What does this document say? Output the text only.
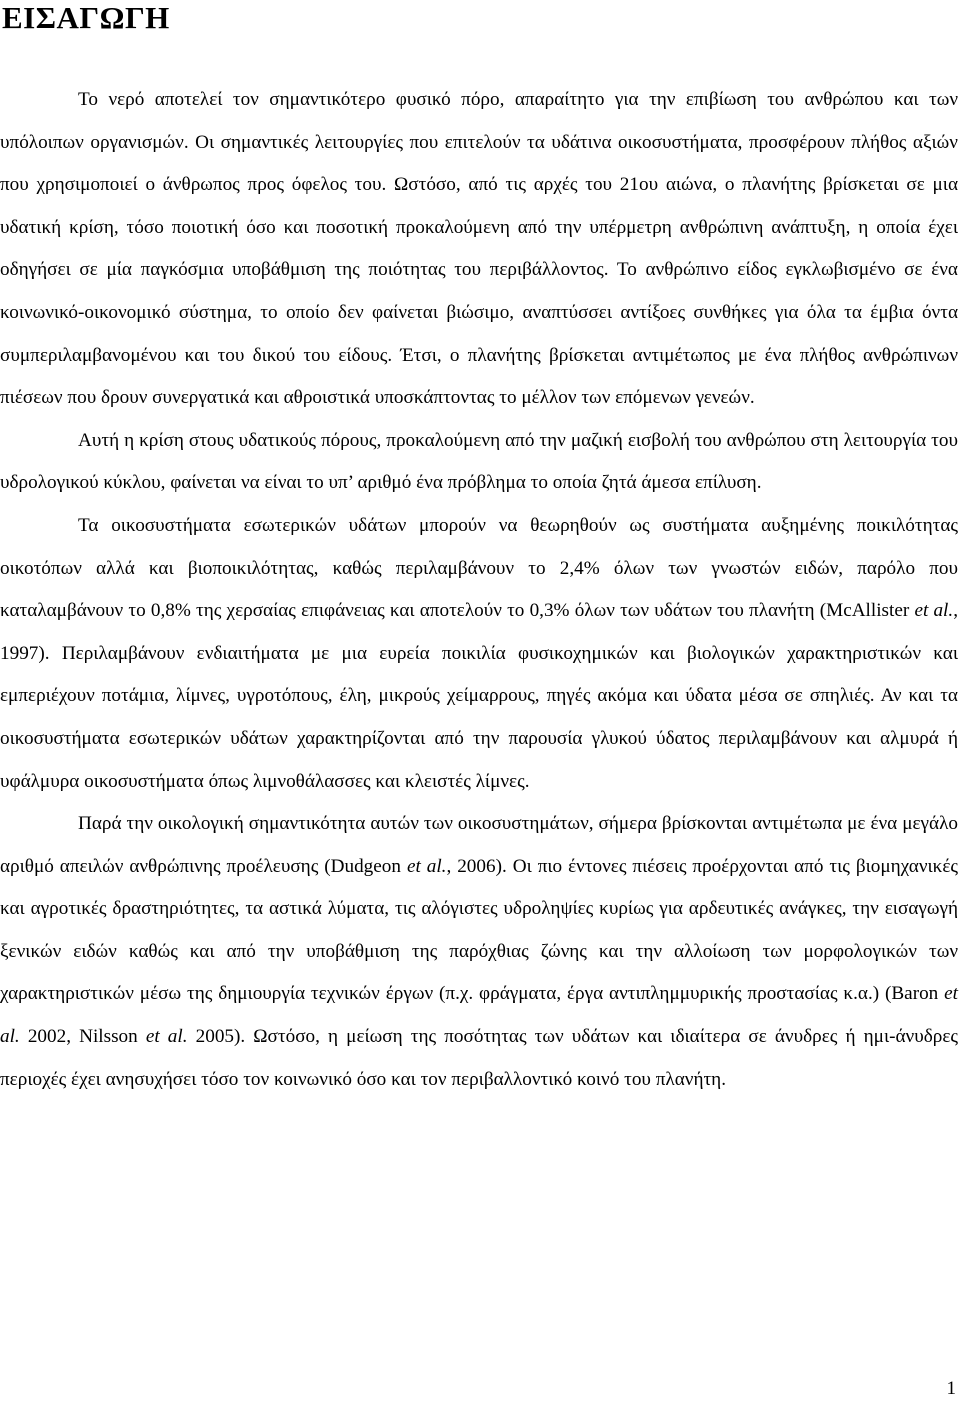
ΕΙΣΑΓΩΓΗ

Το νερό αποτελεί τον σημαντικότερο φυσικό πόρο, απαραίτητο για την επιβίωση του ανθρώπου και των υπόλοιπων οργανισμών. Οι σημαντικές λειτουργίες που επιτελούν τα υδάτινα οικοσυστήματα, προσφέρουν πλήθος αξιών που χρησιμοποιεί ο άνθρωπος προς όφελος του. Ωστόσο, από τις αρχές του 21ου αιώνα, ο πλανήτης βρίσκεται σε μια υδατική κρίση, τόσο ποιοτική όσο και ποσοτική προκαλούμενη από την υπέρμετρη ανθρώπινη ανάπτυξη, η οποία έχει οδηγήσει σε μία παγκόσμια υποβάθμιση της ποιότητας του περιβάλλοντος. Το ανθρώπινο είδος εγκλωβισμένο σε ένα κοινωνικό-οικονομικό σύστημα, το οποίο δεν φαίνεται βιώσιμο, αναπτύσσει αντίξοες συνθήκες για όλα τα έμβια όντα συμπεριλαμβανομένου και του δικού του είδους. Έτσι, ο πλανήτης βρίσκεται αντιμέτωπος με ένα πλήθος ανθρώπινων πιέσεων που δρουν συνεργατικά και αθροιστικά υποσκάπτοντας το μέλλον των επόμενων γενεών.

Αυτή η κρίση στους υδατικούς πόρους, προκαλούμενη από την μαζική εισβολή του ανθρώπου στη λειτουργία του υδρολογικού κύκλου, φαίνεται να είναι το υπ’ αριθμό ένα πρόβλημα το οποία ζητά άμεσα επίλυση.

Τα οικοσυστήματα εσωτερικών υδάτων μπορούν να θεωρηθούν ως συστήματα αυξημένης ποικιλότητας οικοτόπων αλλά και βιοποικιλότητας, καθώς περιλαμβάνουν το 2,4% όλων των γνωστών ειδών, παρόλο που καταλαμβάνουν το 0,8% της χερσαίας επιφάνειας και αποτελούν το 0,3% όλων των υδάτων του πλανήτη (McAllister et al., 1997). Περιλαμβάνουν ενδιαιτήματα με μια ευρεία ποικιλία φυσικοχημικών και βιολογικών χαρακτηριστικών και εμπεριέχουν ποτάμια, λίμνες, υγροτόπους, έλη, μικρούς χείμαρρους, πηγές ακόμα και ύδατα μέσα σε σπηλιές. Αν και τα οικοσυστήματα εσωτερικών υδάτων χαρακτηρίζονται από την παρουσία γλυκού ύδατος περιλαμβάνουν και αλμυρά ή υφάλμυρα οικοσυστήματα όπως λιμνοθάλασσες και κλειστές λίμνες.

Παρά την οικολογική σημαντικότητα αυτών των οικοσυστημάτων, σήμερα βρίσκονται αντιμέτωπα με ένα μεγάλο αριθμό απειλών ανθρώπινης προέλευσης (Dudgeon et al., 2006). Οι πιο έντονες πιέσεις προέρχονται από τις βιομηχανικές και αγροτικές δραστηριότητες, τα αστικά λύματα, τις αλόγιστες υδροληψίες κυρίως για αρδευτικές ανάγκες, την εισαγωγή ξενικών ειδών καθώς και από την υποβάθμιση της παρόχθιας ζώνης και την αλλοίωση των μορφολογικών των χαρακτηριστικών μέσω της δημιουργία τεχνικών έργων (π.χ. φράγματα, έργα αντιπλημμυρικής προστασίας κ.α.) (Baron et al. 2002, Nilsson et al. 2005). Ωστόσο, η μείωση της ποσότητας των υδάτων και ιδιαίτερα σε άνυδρες ή ημι-άνυδρες περιοχές έχει ανησυχήσει τόσο τον κοινωνικό όσο και τον περιβαλλοντικό κοινό του πλανήτη.

1
